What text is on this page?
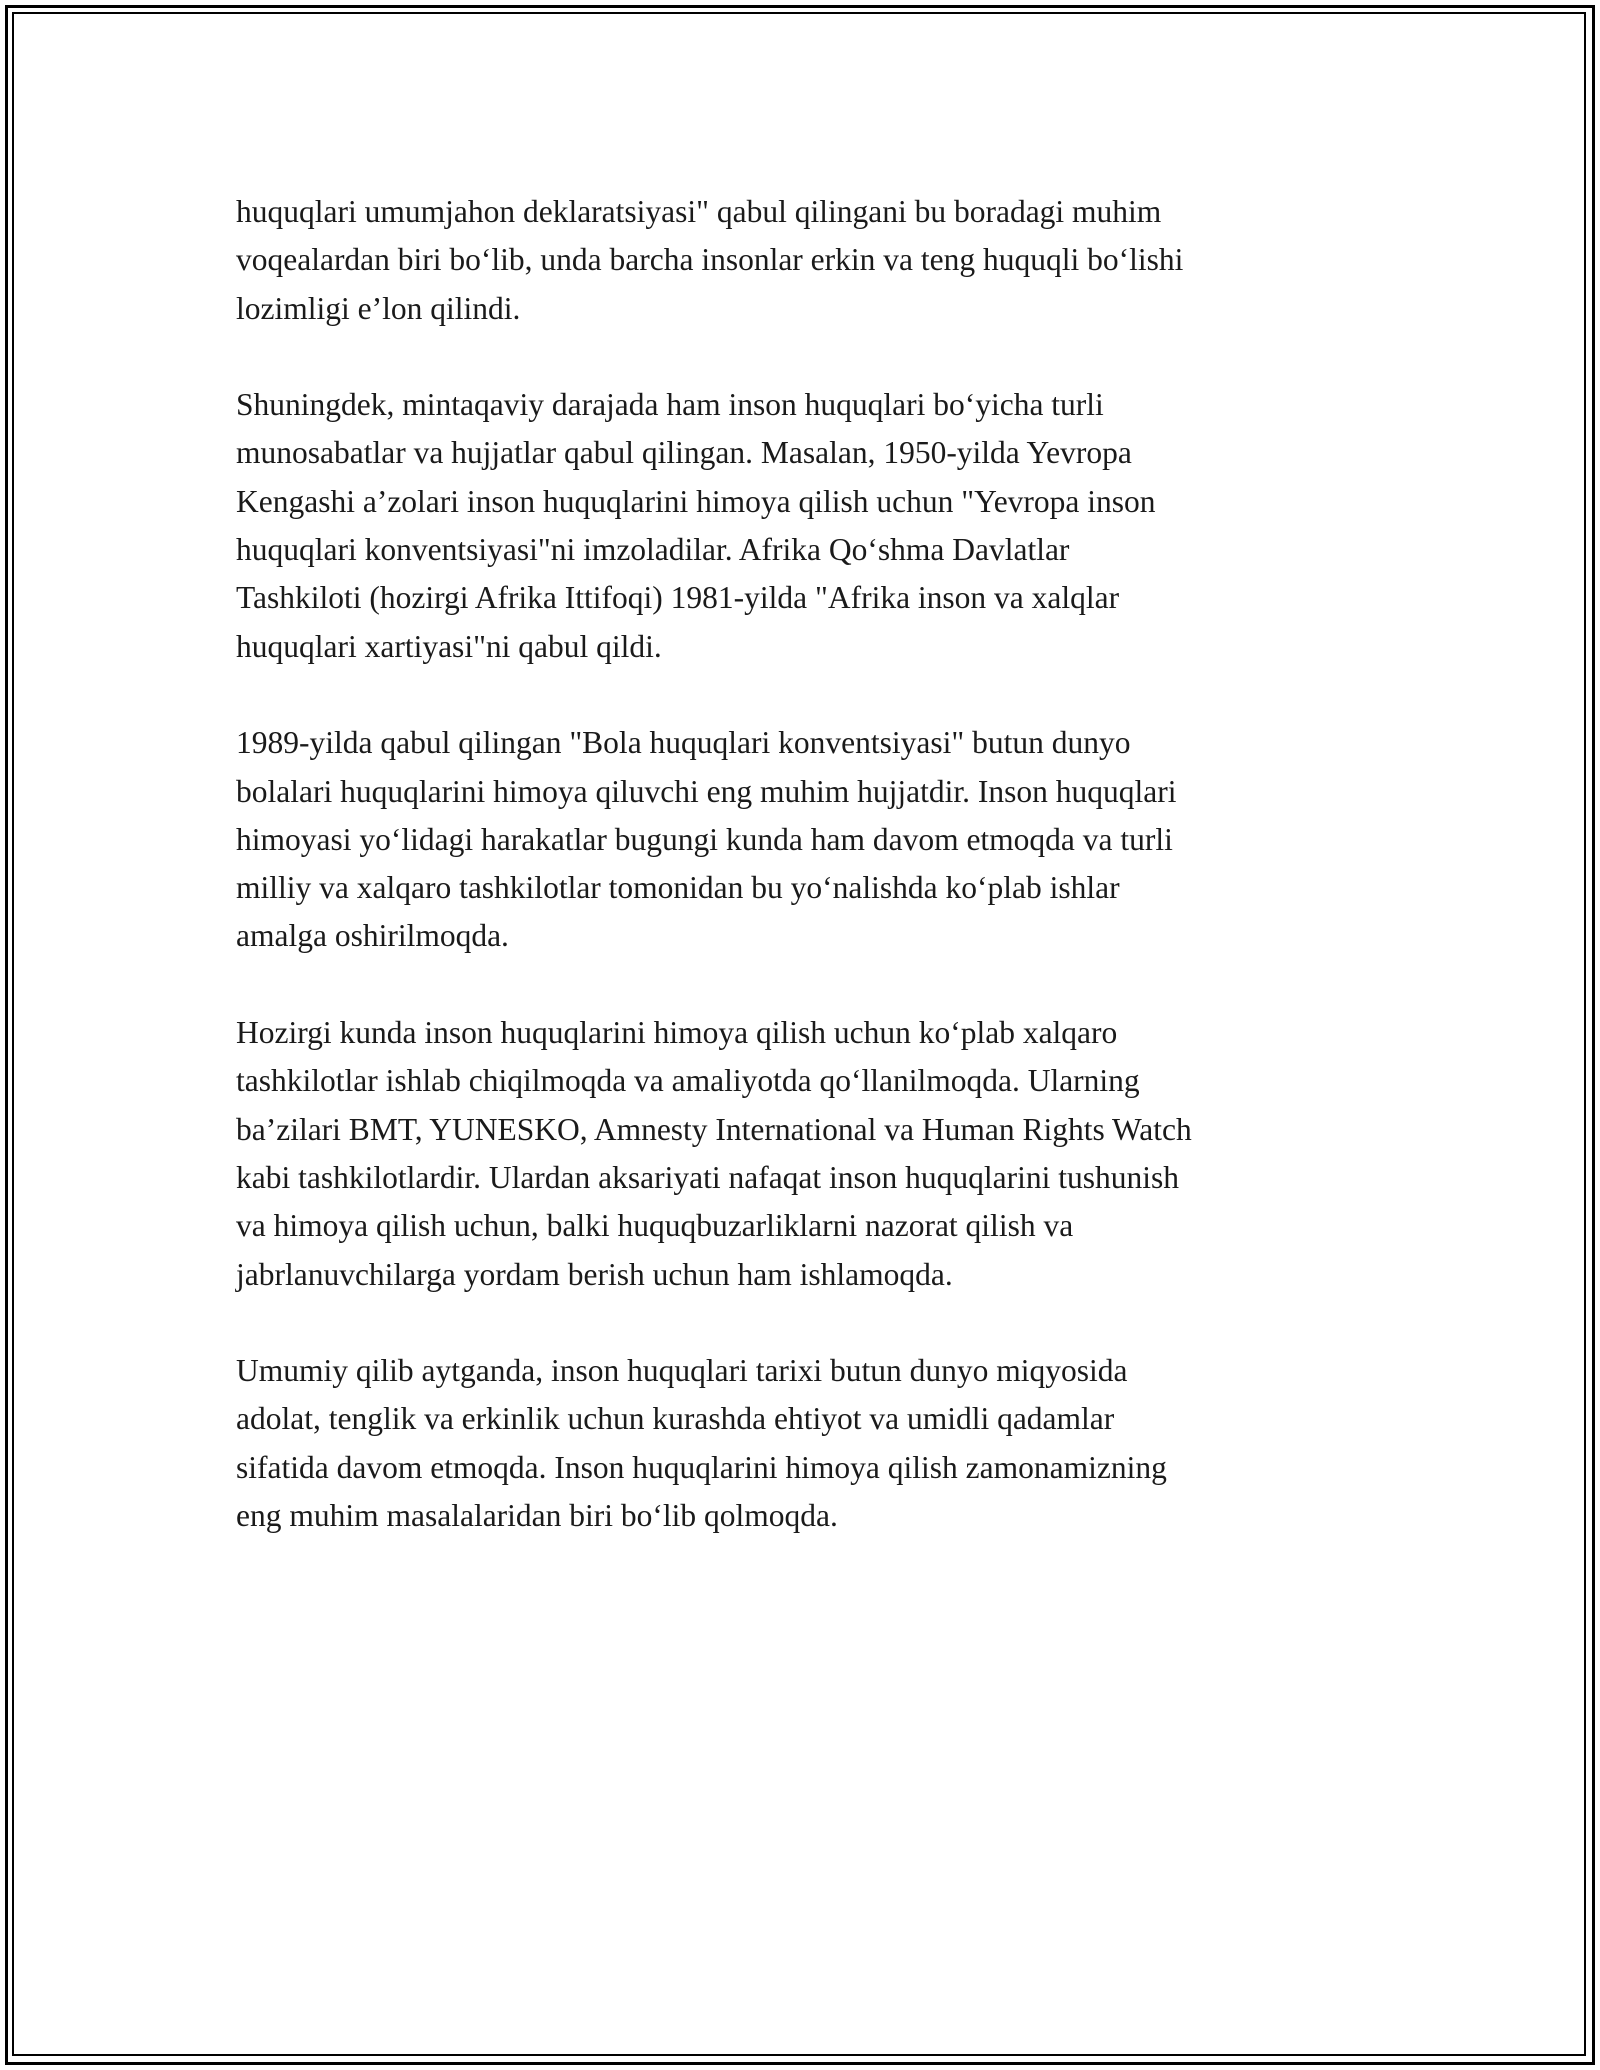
huquqlari umumjahon deklaratsiyasi" qabul qilingani bu boradagi muhim
voqealardan biri bo‘lib, unda barcha insonlar erkin va teng huquqli bo‘lishi
lozimligi e’lon qilindi.

Shuningdek, mintaqaviy darajada ham inson huquqlari bo‘yicha turli
munosabatlar va hujjatlar qabul qilingan. Masalan, 1950-yilda Yevropa
Kengashi a’zolari inson huquqlarini himoya qilish uchun "Yevropa inson
huquqlari konventsiyasi"ni imzoladilar. Afrika Qo‘shma Davlatlar
Tashkiloti (hozirgi Afrika Ittifoqi) 1981-yilda "Afrika inson va xalqlar
huquqlari xartiyasi"ni qabul qildi.

1989-yilda qabul qilingan "Bola huquqlari konventsiyasi" butun dunyo
bolalari huquqlarini himoya qiluvchi eng muhim hujjatdir. Inson huquqlari
himoyasi yo‘lidagi harakatlar bugungi kunda ham davom etmoqda va turli
milliy va xalqaro tashkilotlar tomonidan bu yo‘nalishda ko‘plab ishlar
amalga oshirilmoqda.

Hozirgi kunda inson huquqlarini himoya qilish uchun ko‘plab xalqaro
tashkilotlar ishlab chiqilmoqda va amaliyotda qo‘llanilmoqda. Ularning
ba’zilari BMT, YUNESKO, Amnesty International va Human Rights Watch
kabi tashkilotlardir. Ulardan aksariyati nafaqat inson huquqlarini tushunish
va himoya qilish uchun, balki huquqbuzarliklarni nazorat qilish va
jabrlanuvchilarga yordam berish uchun ham ishlamoqda.

Umumiy qilib aytganda, inson huquqlari tarixi butun dunyo miqyosida
adolat, tenglik va erkinlik uchun kurashda ehtiyot va umidli qadamlar
sifatida davom etmoqda. Inson huquqlarini himoya qilish zamonamizning
eng muhim masalalaridan biri bo‘lib qolmoqda.
